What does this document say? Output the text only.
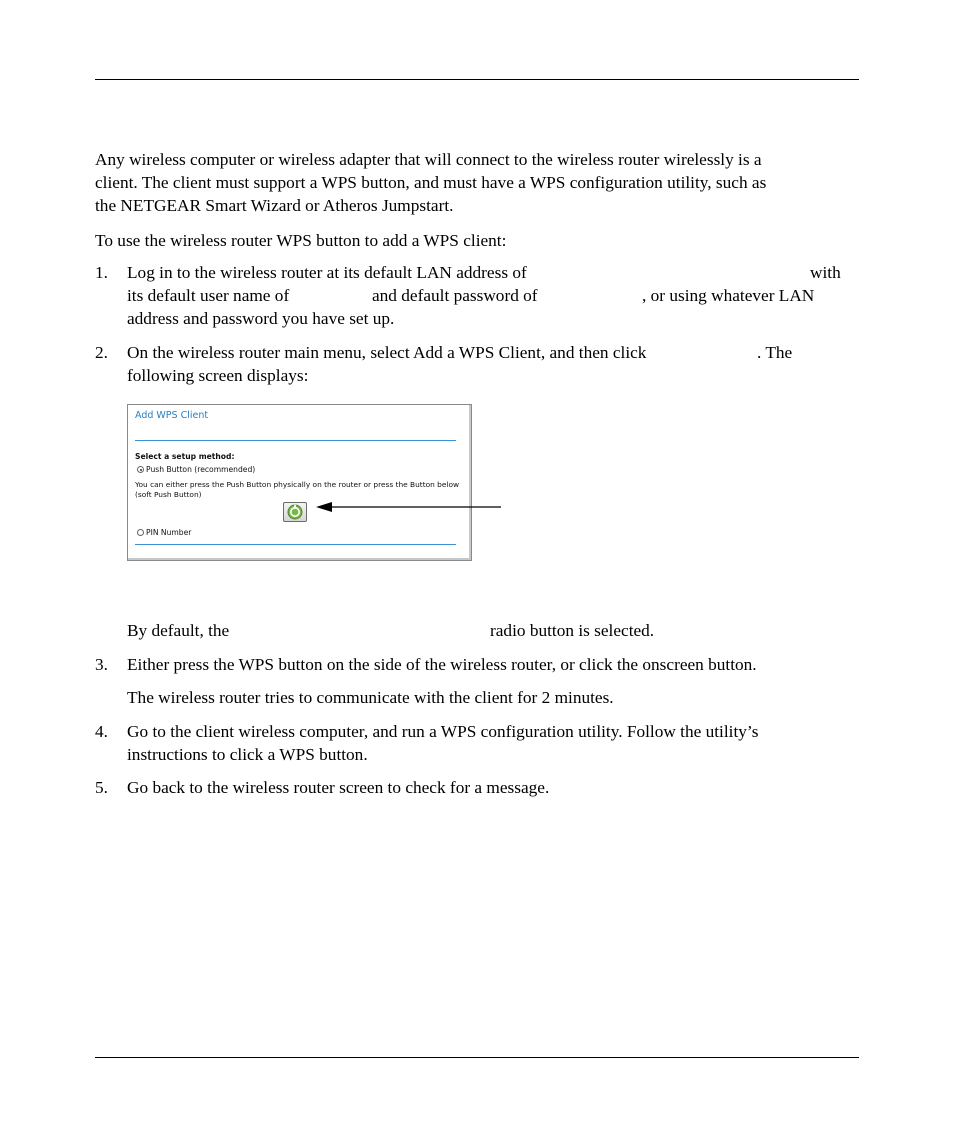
Any wireless computer or wireless adapter that will connect to the wireless router wirelessly is a

client. The client must support a WPS button, and must have a WPS configuration utility, such as

the NETGEAR Smart Wizard or Atheros Jumpstart.

To use the wireless router WPS button to add a WPS client:

1. Log in to the wireless router at its default LAN address of	with

its default user name of	and default password of	, or using whatever LAN

address and password you have set up.

2. On the wireless router main menu, select Add a WPS Client, and then click	. The

following screen displays:

Add WPS Client
Select a setup method:
Push Button (recommended)
You can either press the Push Button physically on the router or press the Button below
(soft Push Button)
PIN Number

By default, the	radio button is selected.

3. Either press the WPS button on the side of the wireless router, or click the onscreen button.

The wireless router tries to communicate with the client for 2 minutes.

4. Go to the client wireless computer, and run a WPS configuration utility. Follow the utility’s

instructions to click a WPS button.

5. Go back to the wireless router screen to check for a message.
